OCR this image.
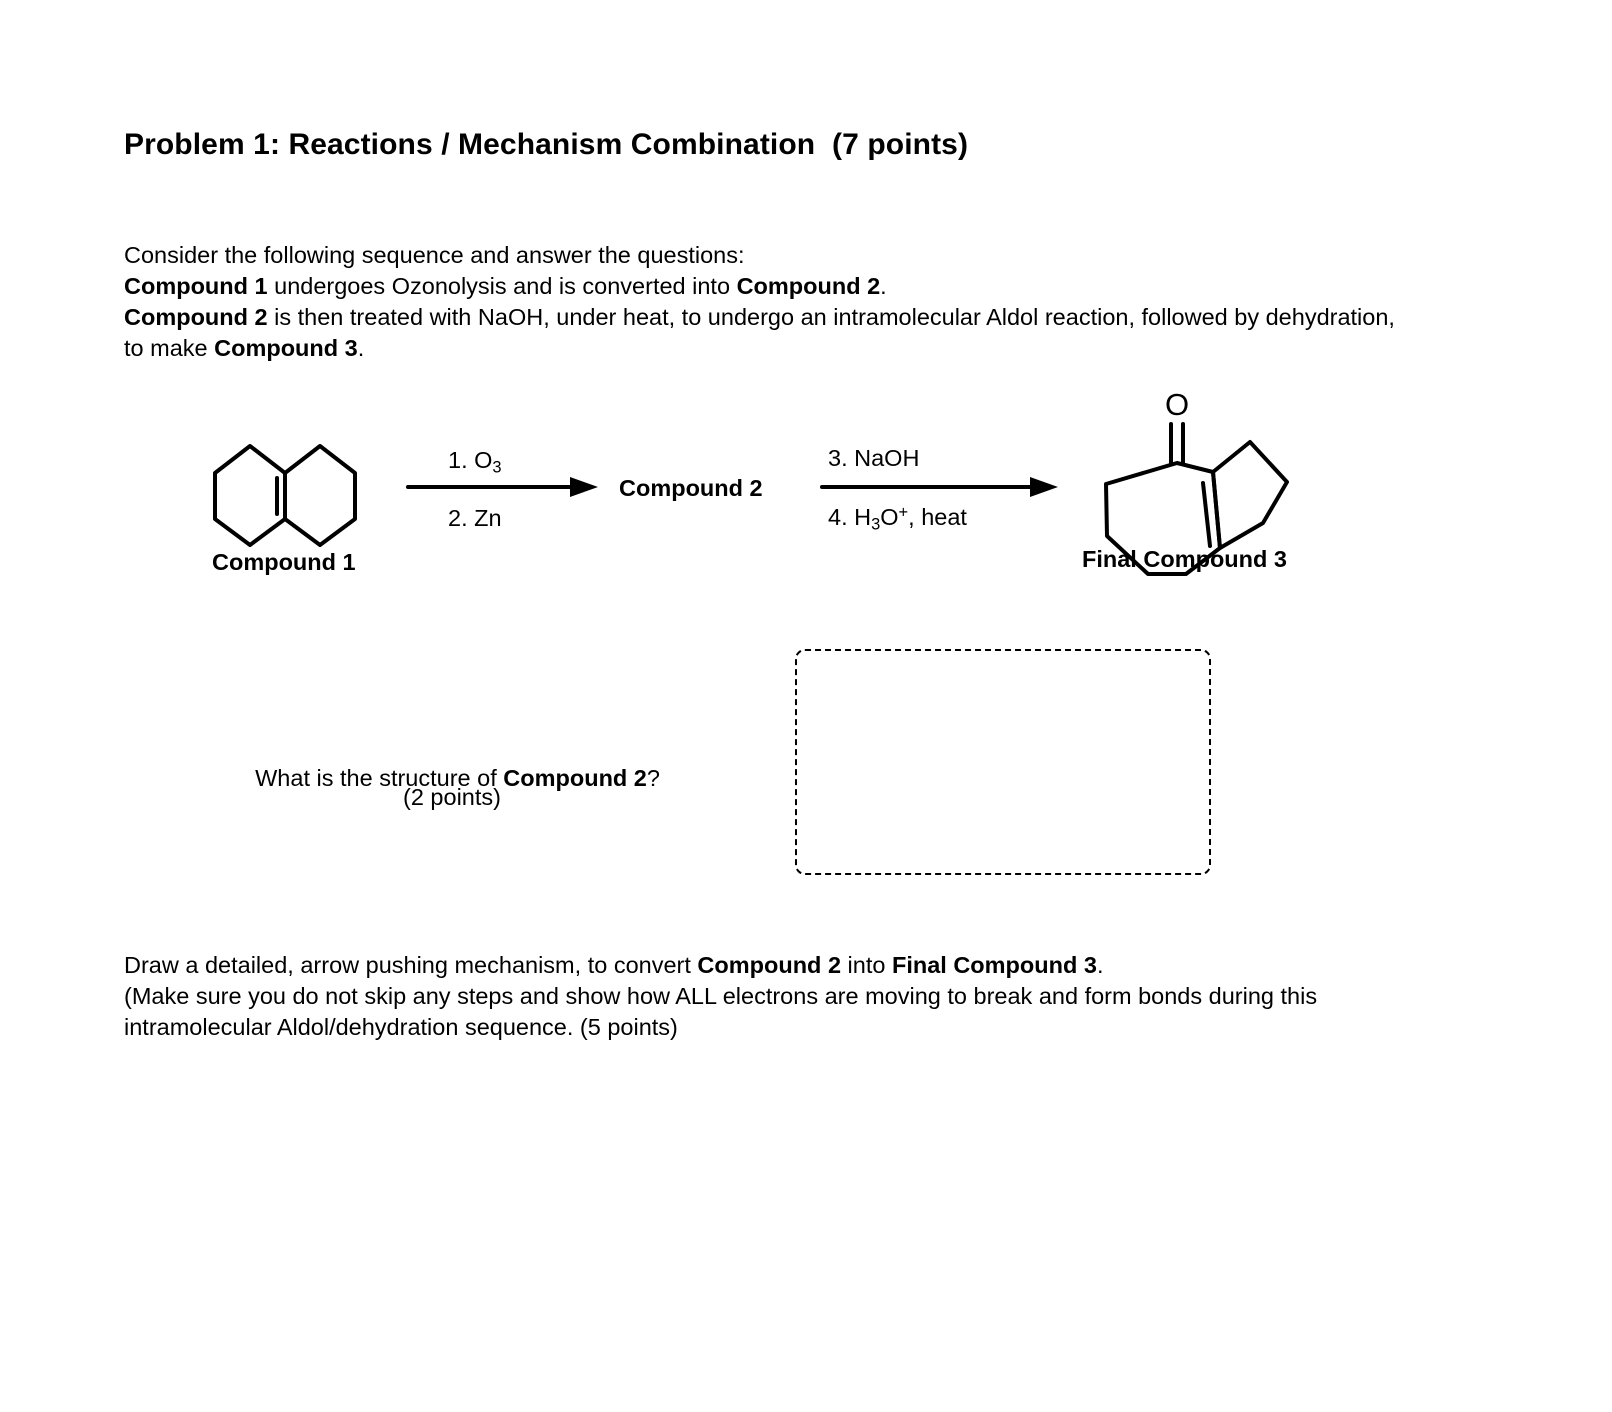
Problem 1: Reactions / Mechanism Combination  (7 points)
Consider the following sequence and answer the questions:
Compound 1 undergoes Ozonolysis and is converted into Compound 2.
Compound 2 is then treated with NaOH, under heat, to undergo an intramolecular Aldol reaction, followed by dehydration, to make Compound 3.
O
Compound 1
Compound 2
Final Compound 3
1. $O_3$
2. Zn
3. NaOH
4. $H_3O^+$, heat

What is the structure of Compound 2?

(2 points)
Draw a detailed, arrow pushing mechanism, to convert Compound 2 into Final Compound 3.
(Make sure you do not skip any steps and show how ALL electrons are moving to break and form bonds during this intramolecular Aldol/dehydration sequence. (5 points)
